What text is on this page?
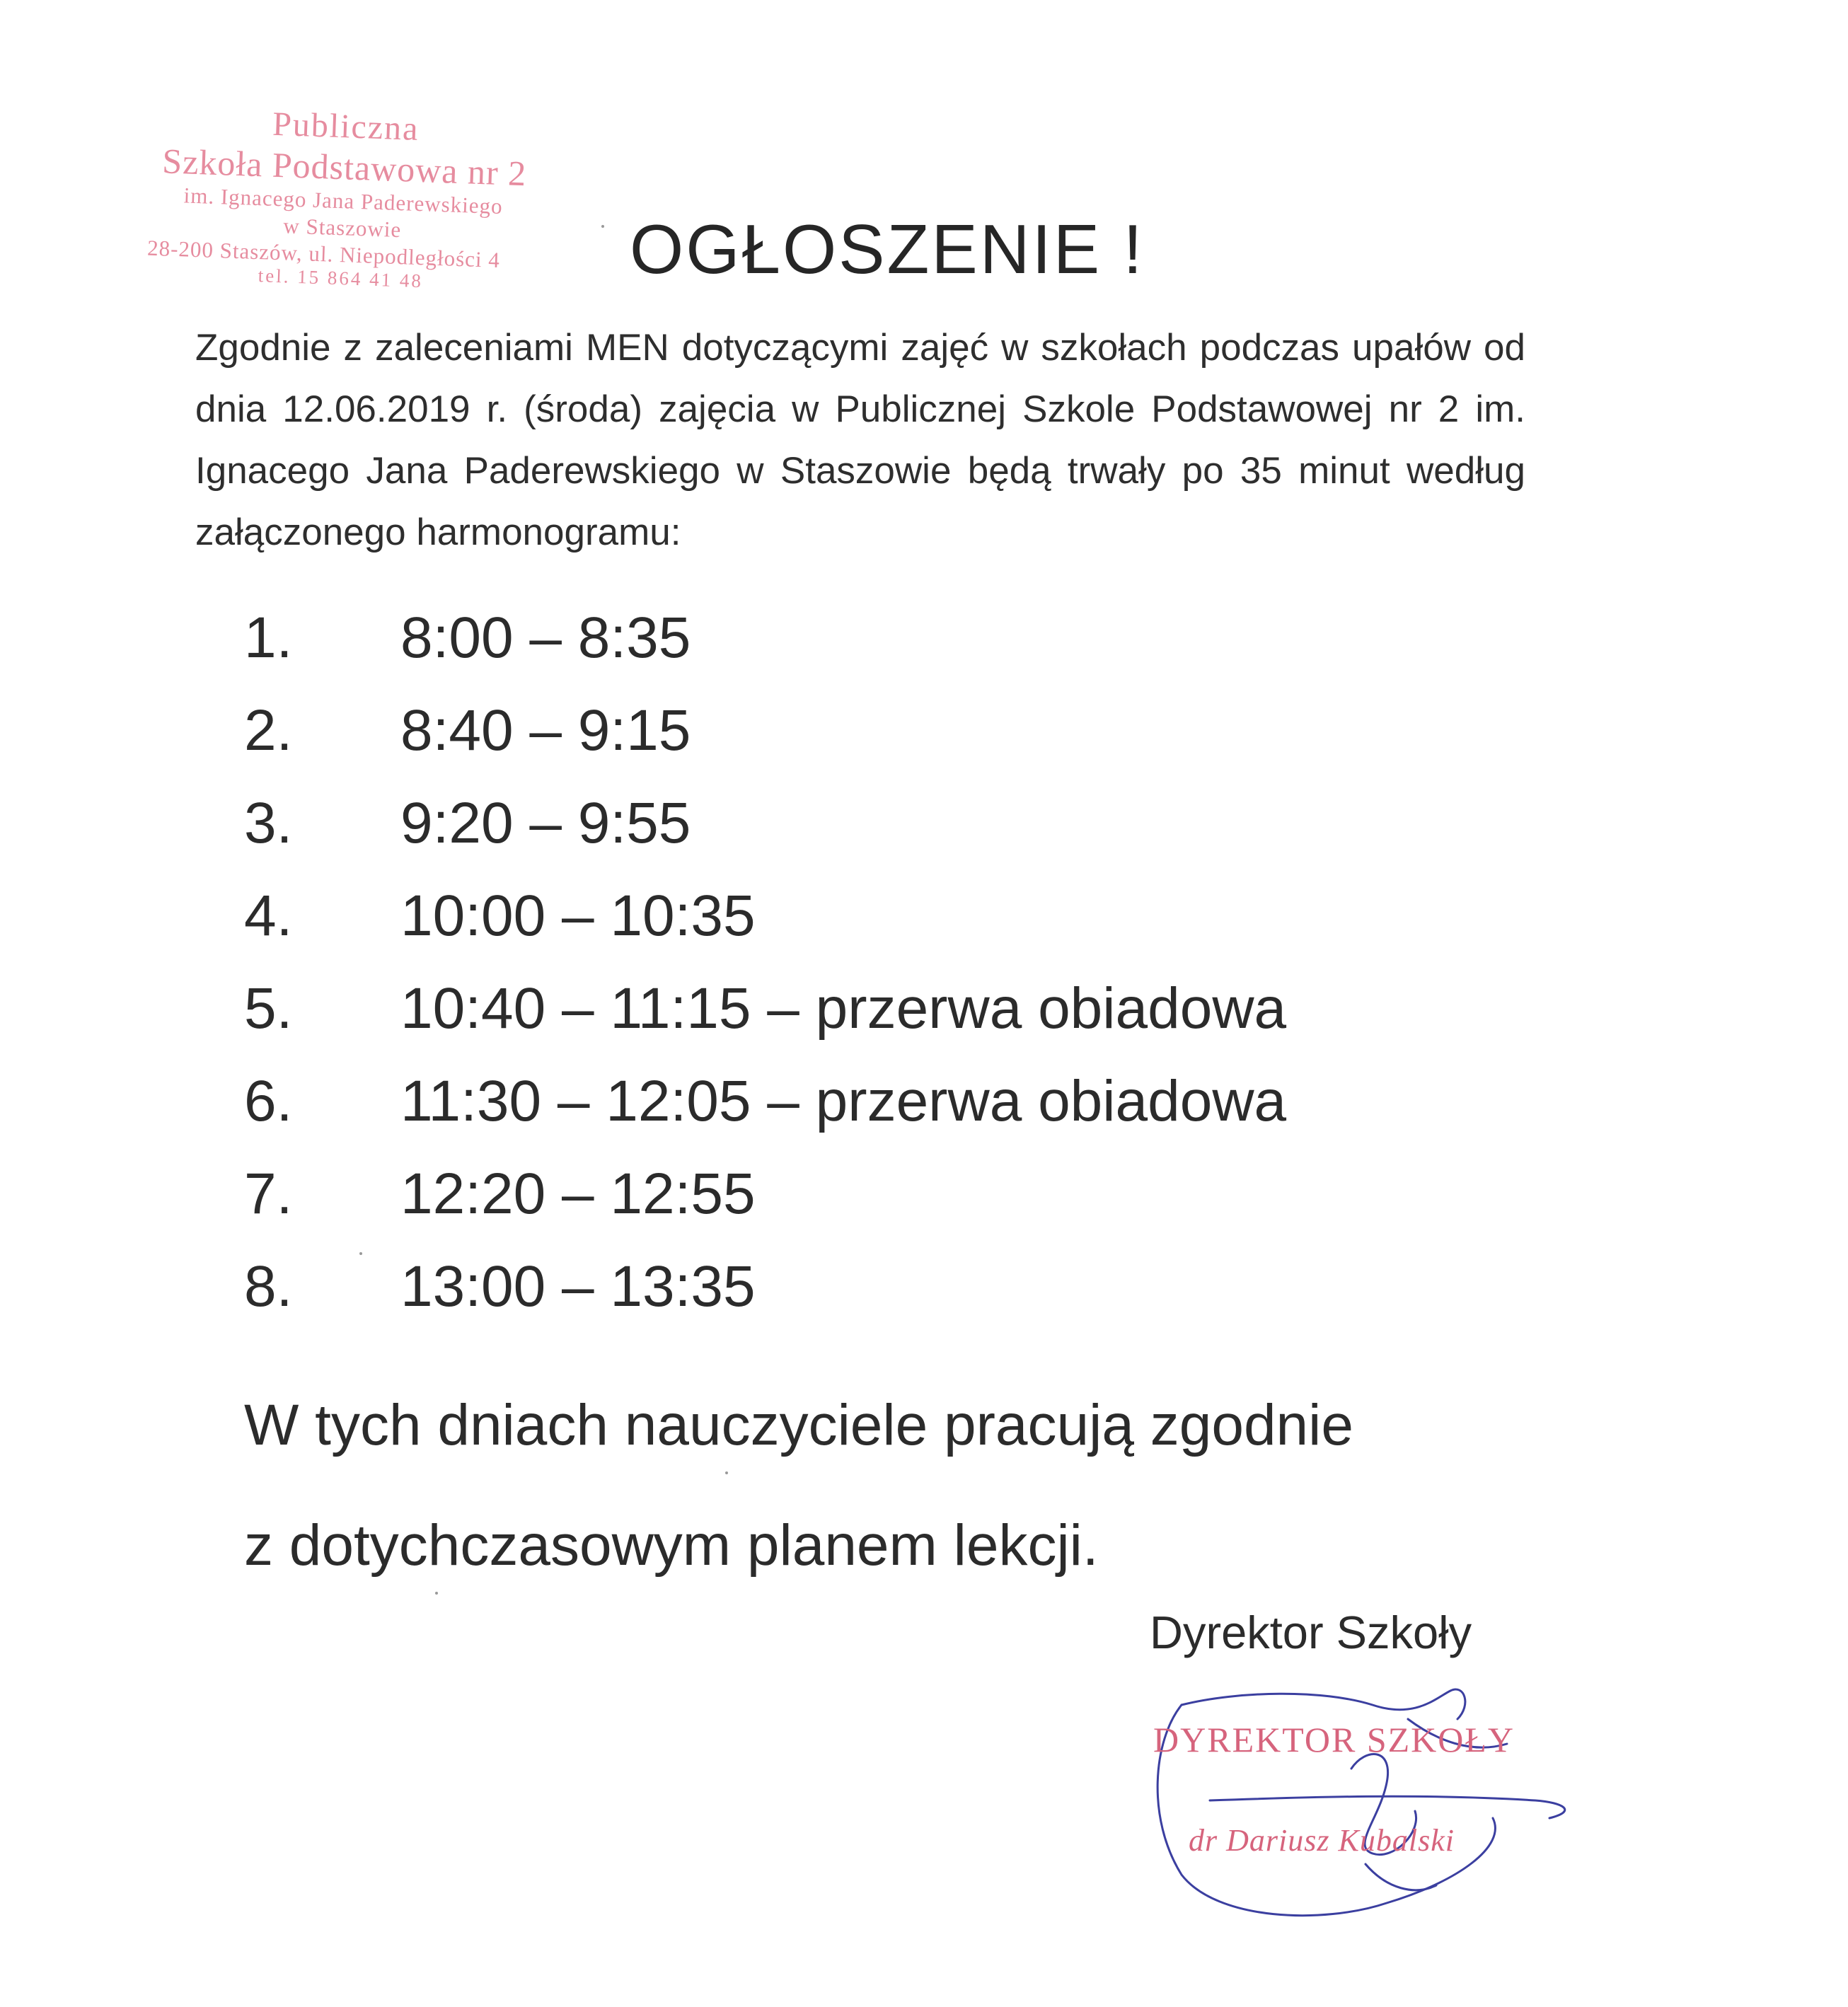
Publiczna
Szkoła Podstawowa nr 2
im. Ignacego Jana Paderewskiego
w Staszowie
28-200 Staszów, ul. Niepodległości 4
tel. 15 864 41 48	OGŁOSZENIE !

Zgodnie z zaleceniami MEN dotyczącymi zajęć w szkołach podczas upałów od dnia 12.06.2019 r. (środa) zajęcia w Publicznej Szkole Podstawowej nr 2 im. Ignacego Jana Paderewskiego w Staszowie będą trwały po 35 minut według załączonego harmonogramu:

1. 8:00 – 8:35
2. 8:40 – 9:15
3. 9:20 – 9:55
4. 10:00 – 10:35
5. 10:40 – 11:15 – przerwa obiadowa
6. 11:30 – 12:05 – przerwa obiadowa
7. 12:20 – 12:55
8. 13:00 – 13:35

W tych dniach nauczyciele pracują zgodnie
z dotychczasowym planem lekcji.

Dyrektor Szkoły
DYREKTOR SZKOŁY
dr Dariusz Kubalski
